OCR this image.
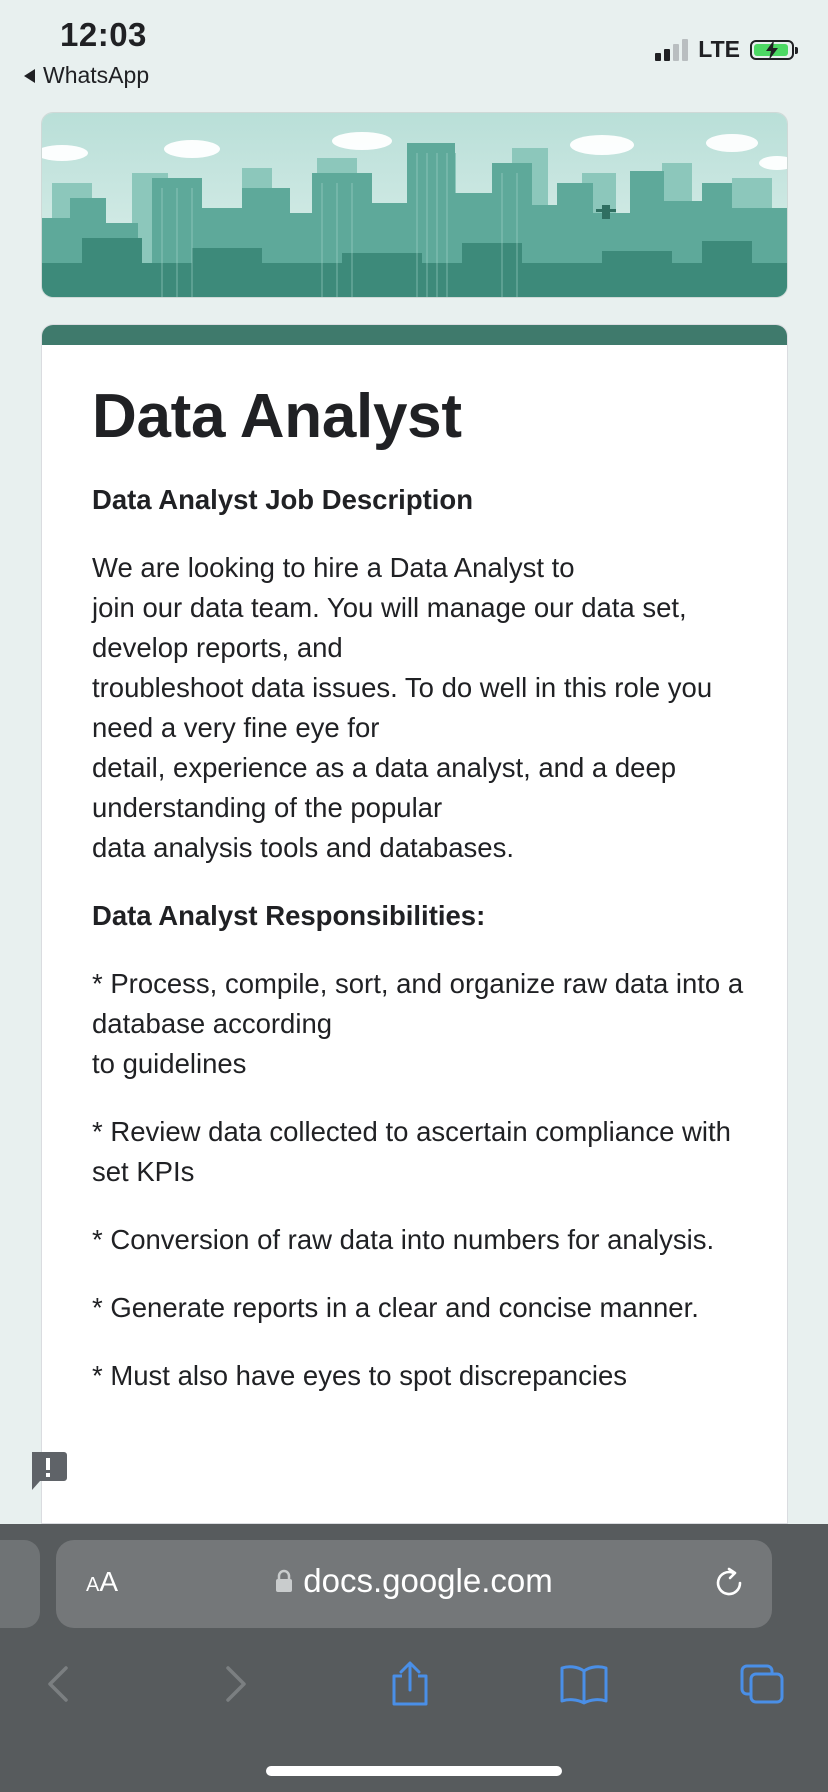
12:03
WhatsApp
LTE
Data Analyst

Data Analyst Job Description

We are looking to hire a Data Analyst to
join our data team. You will manage our data set, develop reports, and
troubleshoot data issues. To do well in this role you need a very fine eye for
detail, experience as a data analyst, and a deep understanding of the popular
data analysis tools and databases.

Data Analyst Responsibilities:

* Process, compile, sort, and organize raw data into a database according
to guidelines

* Review data collected to ascertain compliance with set KPIs

* Conversion of raw data into numbers for analysis.

* Generate reports in a clear and concise manner.

* Must also have eyes to spot discrepancies

AA	docs.google.com
